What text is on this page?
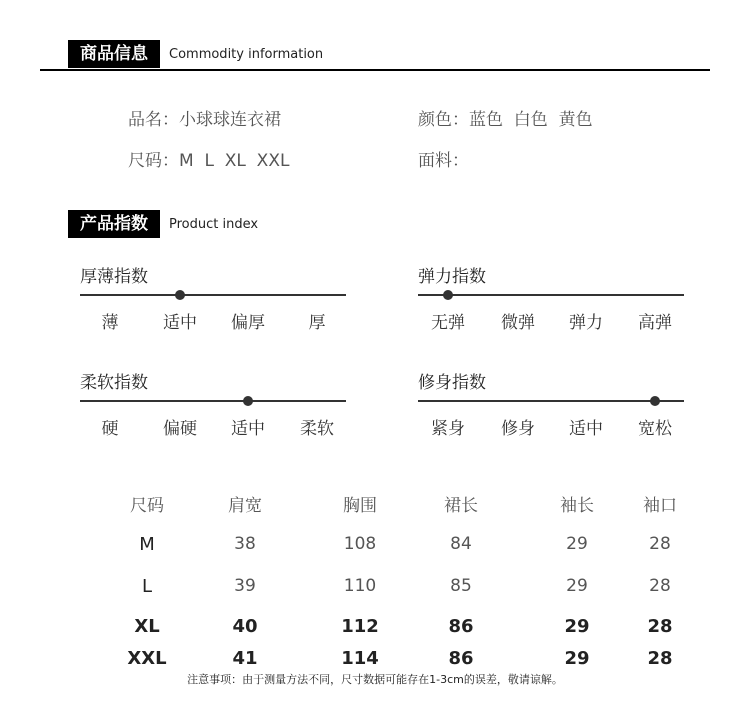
商品信息	Commodity information
品名：小球球连衣裙	颜色：蓝色  白色  黄色
尺码：M  L  XL  XXL	面料：
产品指数	Product index
厚薄指数
薄	适中	偏厚	厚
弹力指数
无弹	微弹	弹力	高弹
柔软指数
硬	偏硬	适中	柔软
修身指数
紧身	修身	适中	宽松
尺码	肩宽	胸围	裙长	袖长	袖口
M	38	108	84	29	28
L	39	110	85	29	28
XL	40	112	86	29	28
XXL	41	114	86	29	28
注意事项：由于测量方法不同，尺寸数据可能存在1-3cm的误差，敬请谅解。
